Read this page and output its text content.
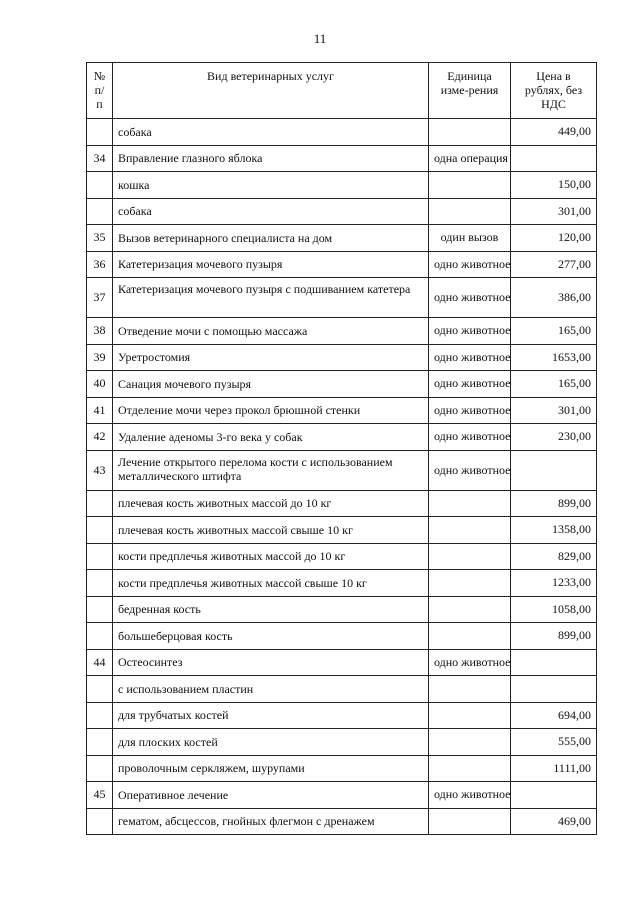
11
№ п/п	Вид ветеринарных услуг	Единица изме-рения	Цена в рублях, без НДС
	собака		449,00
34	Вправление глазного яблока	одна операция	
	кошка		150,00
	собака		301,00
35	Вызов ветеринарного специалиста на дом	один вызов	120,00
36	Катетеризация мочевого пузыря	одно животное	277,00
37	Катетеризация мочевого пузыря с подшиванием катетера	одно животное	386,00
38	Отведение мочи с помощью массажа	одно животное	165,00
39	Уретростомия	одно животное	1653,00
40	Санация мочевого пузыря	одно животное	165,00
41	Отделение мочи через прокол брюшной стенки	одно животное	301,00
42	Удаление аденомы 3-го века у собак	одно животное	230,00
43	Лечение открытого перелома кости с использованием металлического штифта	одно животное	
	плечевая кость животных массой до 10 кг		899,00
	плечевая кость животных массой свыше 10 кг		1358,00
	кости предплечья животных массой до 10 кг		829,00
	кости предплечья животных массой свыше 10 кг		1233,00
	бедренная кость		1058,00
	большеберцовая кость		899,00
44	Остеосинтез	одно животное	
	с использованием пластин		
	для трубчатых костей		694,00
	для плоских костей		555,00
	проволочным серкляжем, шурупами		1111,00
45	Оперативное лечение	одно животное	
	гематом, абсцессов, гнойных флегмон с дренажем		469,00
